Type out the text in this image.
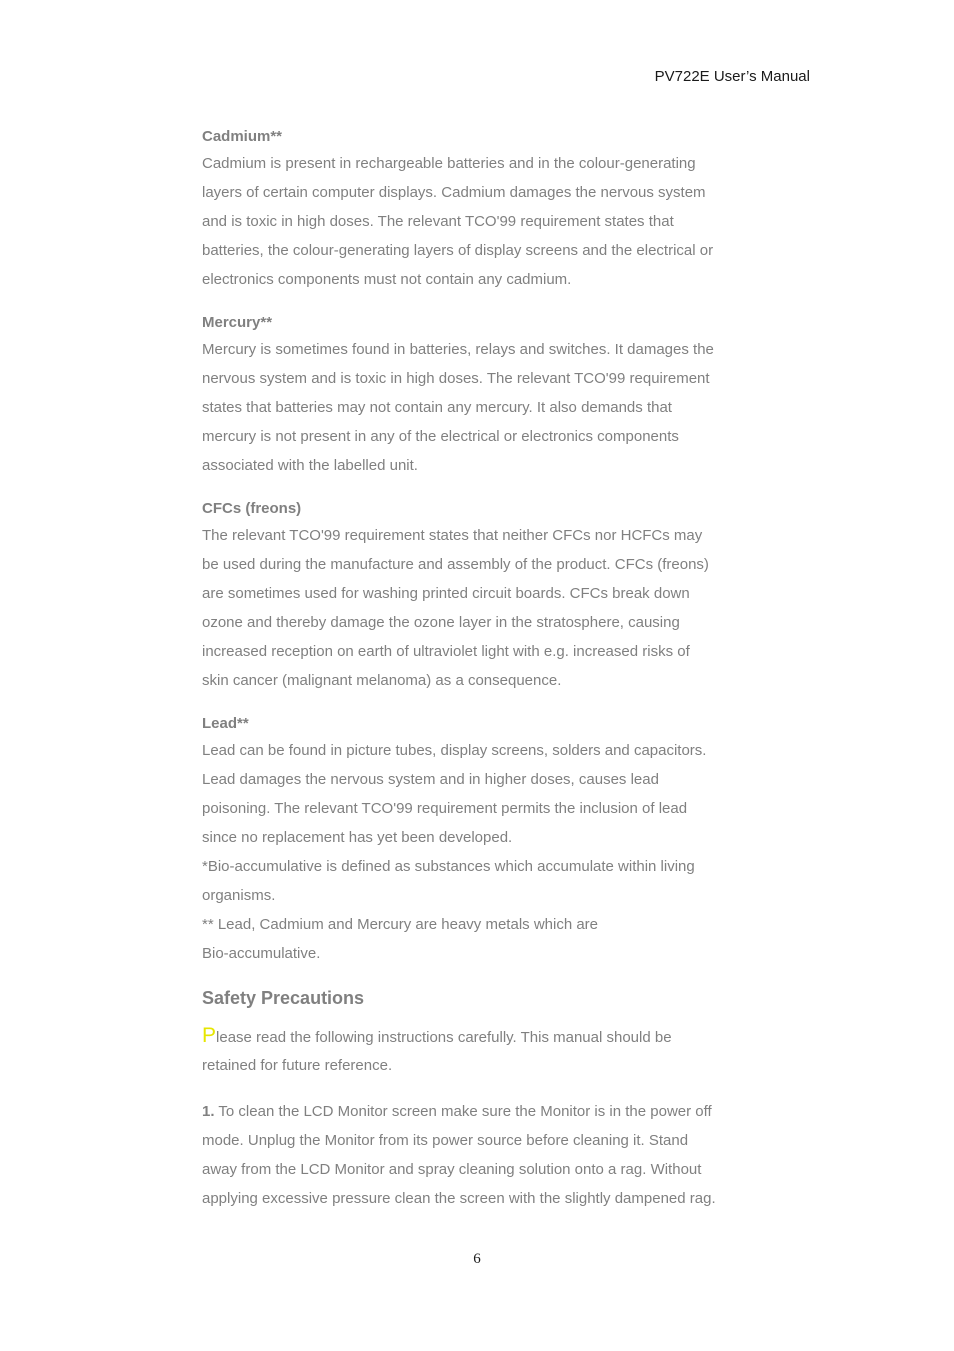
PV722E User’s Manual

Cadmium**

Cadmium is present in rechargeable batteries and in the colour-generating

layers of certain computer displays. Cadmium damages the nervous system

and is toxic in high doses. The relevant TCO'99 requirement states that

batteries, the colour-generating layers of display screens and the electrical or

electronics components must not contain any cadmium.

Mercury**

Mercury is sometimes found in batteries, relays and switches. It damages the

nervous system and is toxic in high doses. The relevant TCO'99 requirement

states that batteries may not contain any mercury. It also demands that

mercury is not present in any of the electrical or electronics components

associated with the labelled unit.

CFCs (freons)

The relevant TCO'99 requirement states that neither CFCs nor HCFCs may

be used during the manufacture and assembly of the product. CFCs (freons)

are sometimes used for washing printed circuit boards. CFCs break down

ozone and thereby damage the ozone layer in the stratosphere, causing

increased reception on earth of ultraviolet light with e.g. increased risks of

skin cancer (malignant melanoma) as a consequence.

Lead**

Lead can be found in picture tubes, display screens, solders and capacitors.

Lead damages the nervous system and in higher doses, causes lead

poisoning. The relevant TCO'99 requirement permits the inclusion of lead

since no replacement has yet been developed.

*Bio-accumulative is defined as substances which accumulate within living

organisms.

** Lead, Cadmium and Mercury are heavy metals which are

Bio-accumulative.

Safety Precautions

Please read the following instructions carefully. This manual should be
retained for future reference.

1. To clean the LCD Monitor screen make sure the Monitor is in the power off

mode. Unplug the Monitor from its power source before cleaning it. Stand

away from the LCD Monitor and spray cleaning solution onto a rag. Without

applying excessive pressure clean the screen with the slightly dampened rag.

6
